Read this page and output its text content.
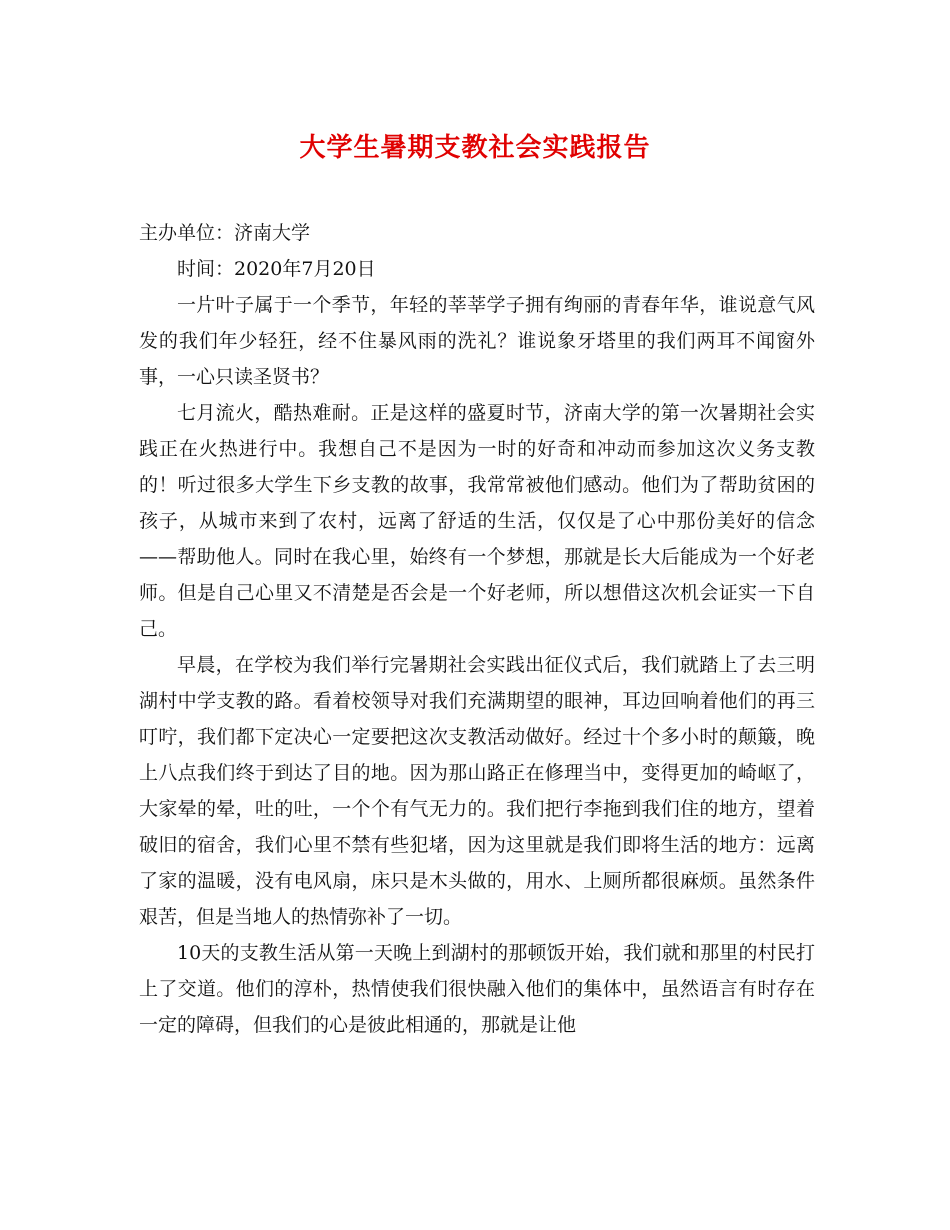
大学生暑期支教社会实践报告

主办单位：济南大学

时间：2020年7月20日

一片叶子属于一个季节，年轻的莘莘学子拥有绚丽的青春年华，谁说意气风发的我们年少轻狂，经不住暴风雨的洗礼？谁说象牙塔里的我们两耳不闻窗外事，一心只读圣贤书？

七月流火，酷热难耐。正是这样的盛夏时节，济南大学的第一次暑期社会实践正在火热进行中。我想自己不是因为一时的好奇和冲动而参加这次义务支教的！听过很多大学生下乡支教的故事，我常常被他们感动。他们为了帮助贫困的孩子，从城市来到了农村，远离了舒适的生活，仅仅是了心中那份美好的信念——帮助他人。同时在我心里，始终有一个梦想，那就是长大后能成为一个好老师。但是自己心里又不清楚是否会是一个好老师，所以想借这次机会证实一下自己。

早晨，在学校为我们举行完暑期社会实践出征仪式后，我们就踏上了去三明湖村中学支教的路。看着校领导对我们充满期望的眼神，耳边回响着他们的再三叮咛，我们都下定决心一定要把这次支教活动做好。经过十个多小时的颠簸，晚上八点我们终于到达了目的地。因为那山路正在修理当中，变得更加的崎岖了，大家晕的晕，吐的吐，一个个有气无力的。我们把行李拖到我们住的地方，望着破旧的宿舍，我们心里不禁有些犯堵，因为这里就是我们即将生活的地方：远离了家的温暖，没有电风扇，床只是木头做的，用水、上厕所都很麻烦。虽然条件艰苦，但是当地人的热情弥补了一切。

10天的支教生活从第一天晚上到湖村的那顿饭开始，我们就和那里的村民打上了交道。他们的淳朴，热情使我们很快融入他们的集体中，虽然语言有时存在一定的障碍，但我们的心是彼此相通的，那就是让他
